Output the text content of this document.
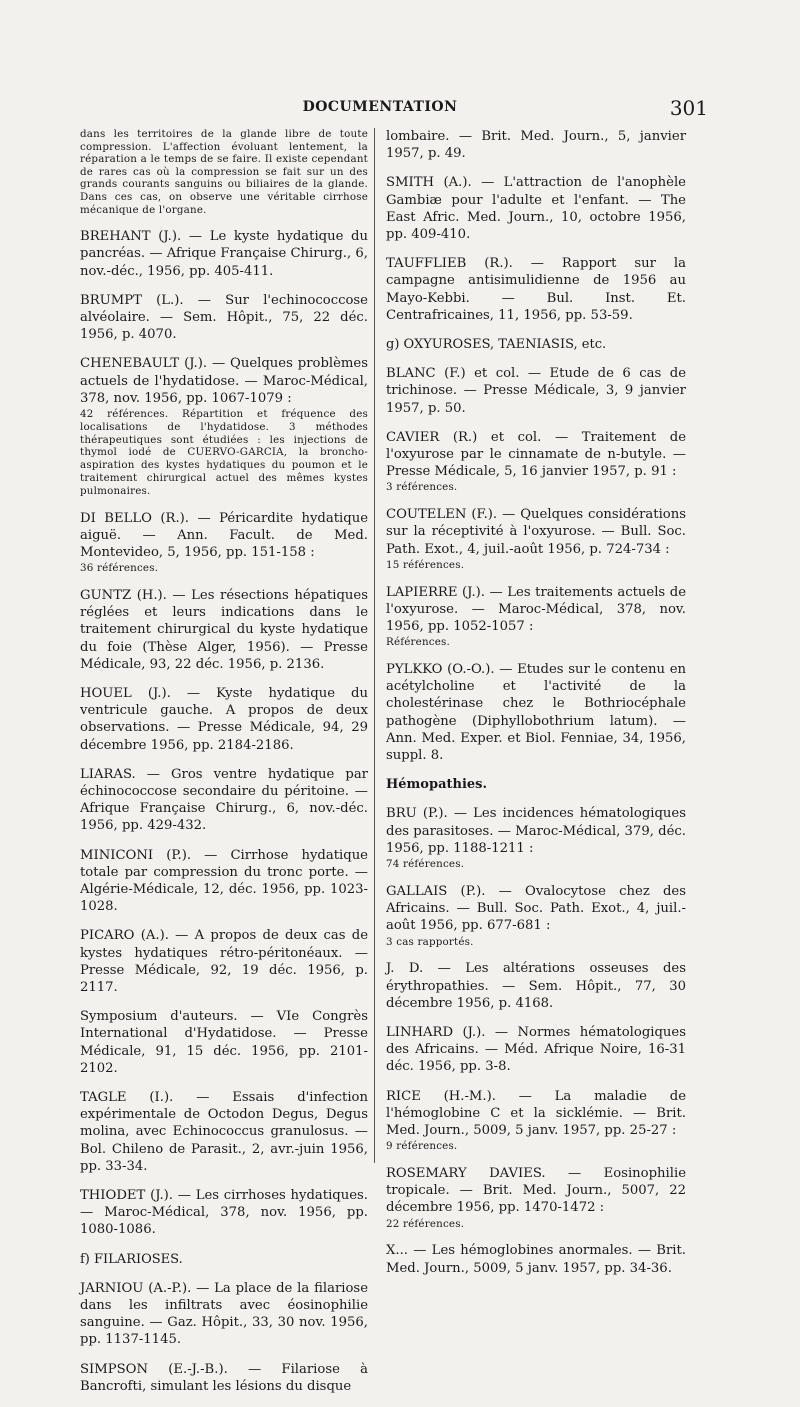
DOCUMENTATION	301
dans les territoires de la glande libre de toute compression. L'affection évoluant lentement, la réparation a le temps de se faire. Il existe cependant de rares cas où la compression se fait sur un des grands courants sanguins ou biliaires de la glande. Dans ces cas, on observe une véritable cirrhose mécanique de l'organe.
BREHANT (J.). — Le kyste hydatique du pancréas. — Afrique Française Chirurg., 6, nov.-déc., 1956, pp. 405-411.
BRUMPT (L.). — Sur l'echinococcose alvéolaire. — Sem. Hôpit., 75, 22 déc. 1956, p. 4070.
CHENEBAULT (J.). — Quelques problèmes actuels de l'hydatidose. — Maroc-Médical, 378, nov. 1956, pp. 1067-1079 :
42 références. Répartition et fréquence des localisations de l'hydatidose. 3 méthodes thérapeutiques sont étudiées : les injections de thymol iodé de CUERVO-GARCIA, la broncho-aspiration des kystes hydatiques du poumon et le traitement chirurgical actuel des mêmes kystes pulmonaires.
DI BELLO (R.). — Péricardite hydatique aiguë. — Ann. Facult. de Med. Montevideo, 5, 1956, pp. 151-158 :
36 références.
GUNTZ (H.). — Les résections hépatiques réglées et leurs indications dans le traitement chirurgical du kyste hydatique du foie (Thèse Alger, 1956). — Presse Médicale, 93, 22 déc. 1956, p. 2136.
HOUEL (J.). — Kyste hydatique du ventricule gauche. A propos de deux observations. — Presse Médicale, 94, 29 décembre 1956, pp. 2184-2186.
LIARAS. — Gros ventre hydatique par échinococcose secondaire du péritoine. — Afrique Française Chirurg., 6, nov.-déc. 1956, pp. 429-432.
MINICONI (P.). — Cirrhose hydatique totale par compression du tronc porte. — Algérie-Médicale, 12, déc. 1956, pp. 1023-1028.
PICARO (A.). — A propos de deux cas de kystes hydatiques rétro-péritonéaux. — Presse Médicale, 92, 19 déc. 1956, p. 2117.
Symposium d'auteurs. — VIe Congrès International d'Hydatidose. — Presse Médicale, 91, 15 déc. 1956, pp. 2101-2102.
TAGLE (I.). — Essais d'infection expérimentale de Octodon Degus, Degus molina, avec Echinococcus granulosus. — Bol. Chileno de Parasit., 2, avr.-juin 1956, pp. 33-34.
THIODET (J.). — Les cirrhoses hydatiques. — Maroc-Médical, 378, nov. 1956, pp. 1080-1086.
f) FILARIOSES.
JARNIOU (A.-P.). — La place de la filariose dans les infiltrats avec éosinophilie sanguine. — Gaz. Hôpit., 33, 30 nov. 1956, pp. 1137-1145.
SIMPSON (E.-J.-B.). — Filariose à Bancrofti, simulant les lésions du disque
lombaire. — Brit. Med. Journ., 5, janvier 1957, p. 49.
SMITH (A.). — L'attraction de l'anophèle Gambiæ pour l'adulte et l'enfant. — The East Afric. Med. Journ., 10, octobre 1956, pp. 409-410.
TAUFFLIEB (R.). — Rapport sur la campagne antisimulidienne de 1956 au Mayo-Kebbi. — Bul. Inst. Et. Centrafricaines, 11, 1956, pp. 53-59.
g) OXYUROSES, TAENIASIS, etc.
BLANC (F.) et col. — Etude de 6 cas de trichinose. — Presse Médicale, 3, 9 janvier 1957, p. 50.
CAVIER (R.) et col. — Traitement de l'oxyurose par le cinnamate de n-butyle. — Presse Médicale, 5, 16 janvier 1957, p. 91 :
3 références.
COUTELEN (F.). — Quelques considérations sur la réceptivité à l'oxyurose. — Bull. Soc. Path. Exot., 4, juil.-août 1956, p. 724-734 :
15 références.
LAPIERRE (J.). — Les traitements actuels de l'oxyurose. — Maroc-Médical, 378, nov. 1956, pp. 1052-1057 :
Références.
PYLKKO (O.-O.). — Etudes sur le contenu en acétylcholine et l'activité de la cholestérinase chez le Bothriocéphale pathogène (Diphyllobothrium latum). — Ann. Med. Exper. et Biol. Fenniae, 34, 1956, suppl. 8.
Hémopathies.
BRU (P.). — Les incidences hématologiques des parasitoses. — Maroc-Médical, 379, déc. 1956, pp. 1188-1211 :
74 références.
GALLAIS (P.). — Ovalocytose chez des Africains. — Bull. Soc. Path. Exot., 4, juil.-août 1956, pp. 677-681 :
3 cas rapportés.
J. D. — Les altérations osseuses des érythropathies. — Sem. Hôpit., 77, 30 décembre 1956, p. 4168.
LINHARD (J.). — Normes hématologiques des Africains. — Méd. Afrique Noire, 16-31 déc. 1956, pp. 3-8.
RICE (H.-M.). — La maladie de l'hémoglobine C et la sicklémie. — Brit. Med. Journ., 5009, 5 janv. 1957, pp. 25-27 :
9 références.
ROSEMARY DAVIES. — Eosinophilie tropicale. — Brit. Med. Journ., 5007, 22 décembre 1956, pp. 1470-1472 :
22 références.
X... — Les hémoglobines anormales. — Brit. Med. Journ., 5009, 5 janv. 1957, pp. 34-36.
